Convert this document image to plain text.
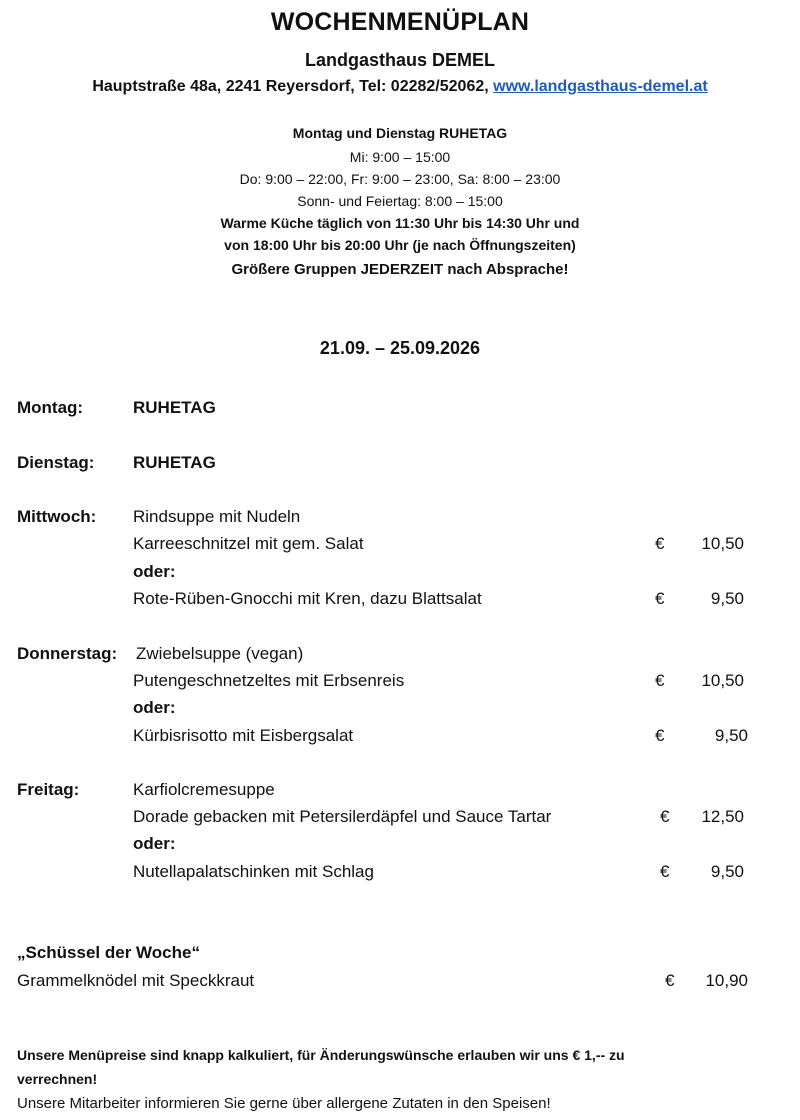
WOCHENMENÜPLAN
Landgasthaus DEMEL
Hauptstraße 48a, 2241 Reyersdorf, Tel: 02282/52062, www.landgasthaus-demel.at
Montag und Dienstag RUHETAG
Mi: 9:00 – 15:00
Do: 9:00 – 22:00, Fr: 9:00 – 23:00, Sa: 8:00 – 23:00
Sonn- und Feiertag: 8:00 – 15:00
Warme Küche täglich von 11:30 Uhr bis 14:30 Uhr und
von 18:00 Uhr bis 20:00 Uhr (je nach Öffnungszeiten)
Größere Gruppen JEDERZEIT nach Absprache!
21.09. – 25.09.2026
Montag:	RUHETAG
Dienstag: RUHETAG
Mittwoch: Rindsuppe mit Nudeln
Karreeschnitzel mit gem. Salat	€	10,50
oder:
Rote-Rüben-Gnocchi mit Kren, dazu Blattsalat	€	9,50
Donnerstag: Zwiebelsuppe (vegan)
Putengeschnetzeltes mit Erbsenreis	€	10,50
oder:
Kürbisrisotto mit Eisbergsalat	€	9,50
Freitag:	Karfiolcremesuppe
Dorade gebacken mit Petersilerdäpfel und Sauce Tartar	€	12,50
oder:
Nutellapalatschinken mit Schlag	€	9,50
„Schüssel der Woche“
Grammelknödel mit Speckkraut	€	10,90
Unsere Menüpreise sind knapp kalkuliert, für Änderungswünsche erlauben wir uns € 1,-- zu
verrechnen!
Unsere Mitarbeiter informieren Sie gerne über allergene Zutaten in den Speisen!
